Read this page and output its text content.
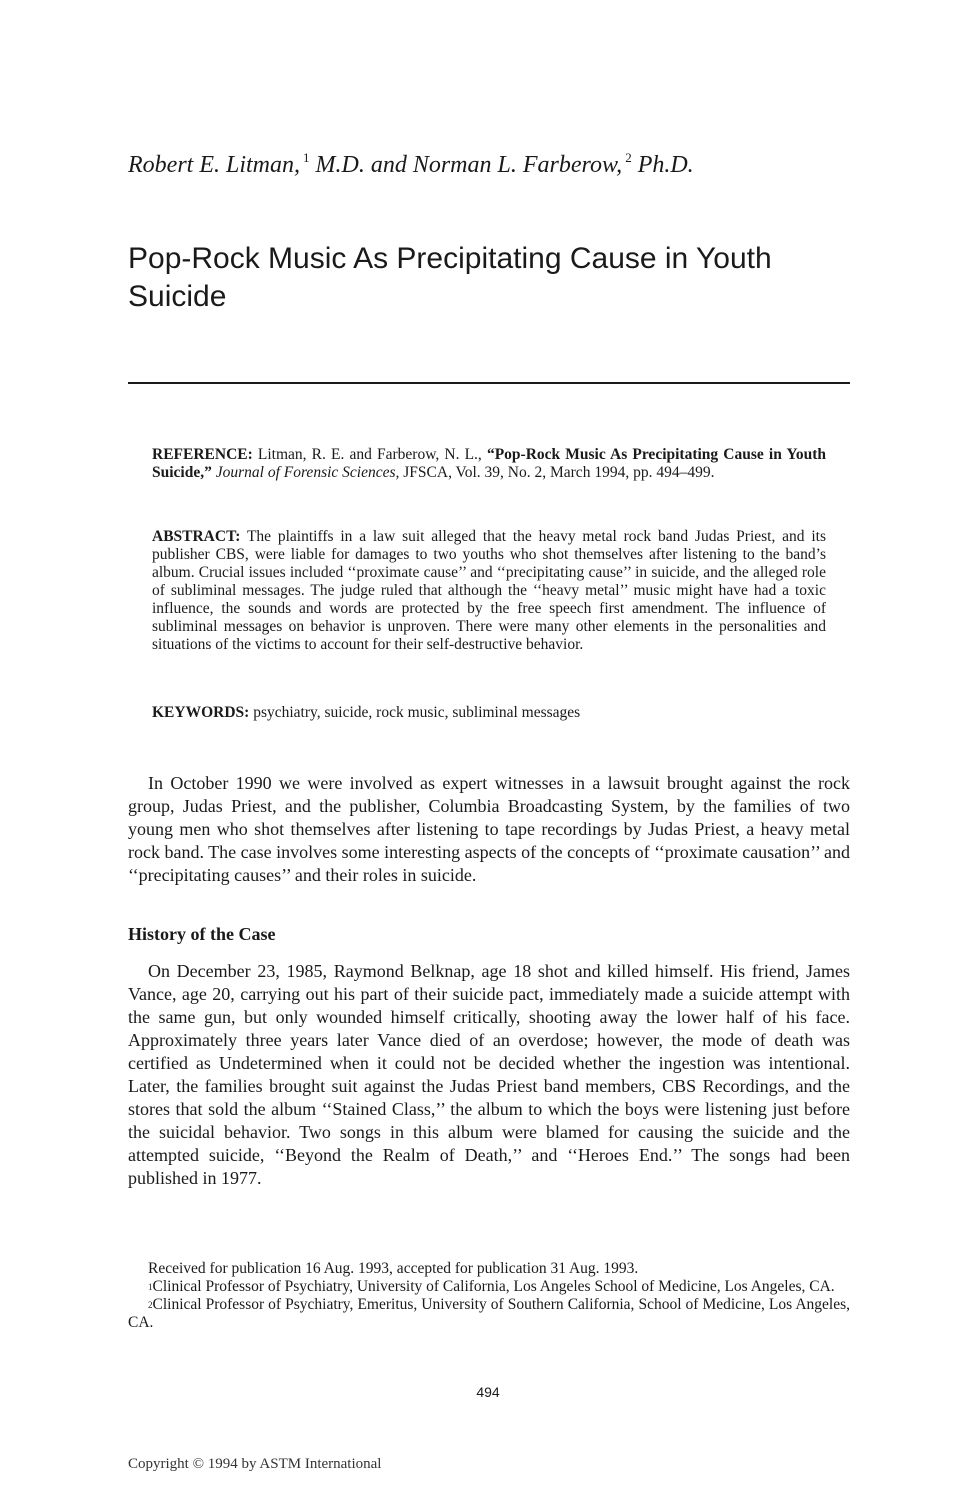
Robert E. Litman, $^1$ M.D. and Norman L. Farberow, $^2$ Ph.D.
Pop-Rock Music As Precipitating Cause in Youth Suicide

REFERENCE: Litman, R. E. and Farberow, N. L., “Pop-Rock Music As Precipitating Cause in Youth Suicide,” Journal of Forensic Sciences, JFSCA, Vol. 39, No. 2, March 1994, pp. 494–499.

ABSTRACT: The plaintiffs in a law suit alleged that the heavy metal rock band Judas Priest, and its publisher CBS, were liable for damages to two youths who shot themselves after listening to the band’s album. Crucial issues included ‘‘proximate cause’’ and ‘‘precipitating cause’’ in suicide, and the alleged role of subliminal messages. The judge ruled that although the ‘‘heavy metal’’ music might have had a toxic influence, the sounds and words are protected by the free speech first amendment. The influence of subliminal messages on behavior is unproven. There were many other elements in the personalities and situations of the victims to account for their self-destructive behavior.

KEYWORDS: psychiatry, suicide, rock music, subliminal messages

In October 1990 we were involved as expert witnesses in a lawsuit brought against the rock group, Judas Priest, and the publisher, Columbia Broadcasting System, by the families of two young men who shot themselves after listening to tape recordings by Judas Priest, a heavy metal rock band. The case involves some interesting aspects of the concepts of ‘‘proximate causation’’ and ‘‘precipitating causes’’ and their roles in suicide.

History of the Case

On December 23, 1985, Raymond Belknap, age 18 shot and killed himself. His friend, James Vance, age 20, carrying out his part of their suicide pact, immediately made a suicide attempt with the same gun, but only wounded himself critically, shooting away the lower half of his face. Approximately three years later Vance died of an overdose; however, the mode of death was certified as Undetermined when it could not be decided whether the ingestion was intentional. Later, the families brought suit against the Judas Priest band members, CBS Recordings, and the stores that sold the album ‘‘Stained Class,’’ the album to which the boys were listening just before the suicidal behavior. Two songs in this album were blamed for causing the suicide and the attempted suicide, ‘‘Beyond the Realm of Death,’’ and ‘‘Heroes End.’’ The songs had been published in 1977.

Received for publication 16 Aug. 1993, accepted for publication 31 Aug. 1993.

$^1$Clinical Professor of Psychiatry, University of California, Los Angeles School of Medicine, Los Angeles, CA.

$^2$Clinical Professor of Psychiatry, Emeritus, University of Southern California, School of Medicine, Los Angeles, CA.

494
Copyright © 1994 by ASTM International
